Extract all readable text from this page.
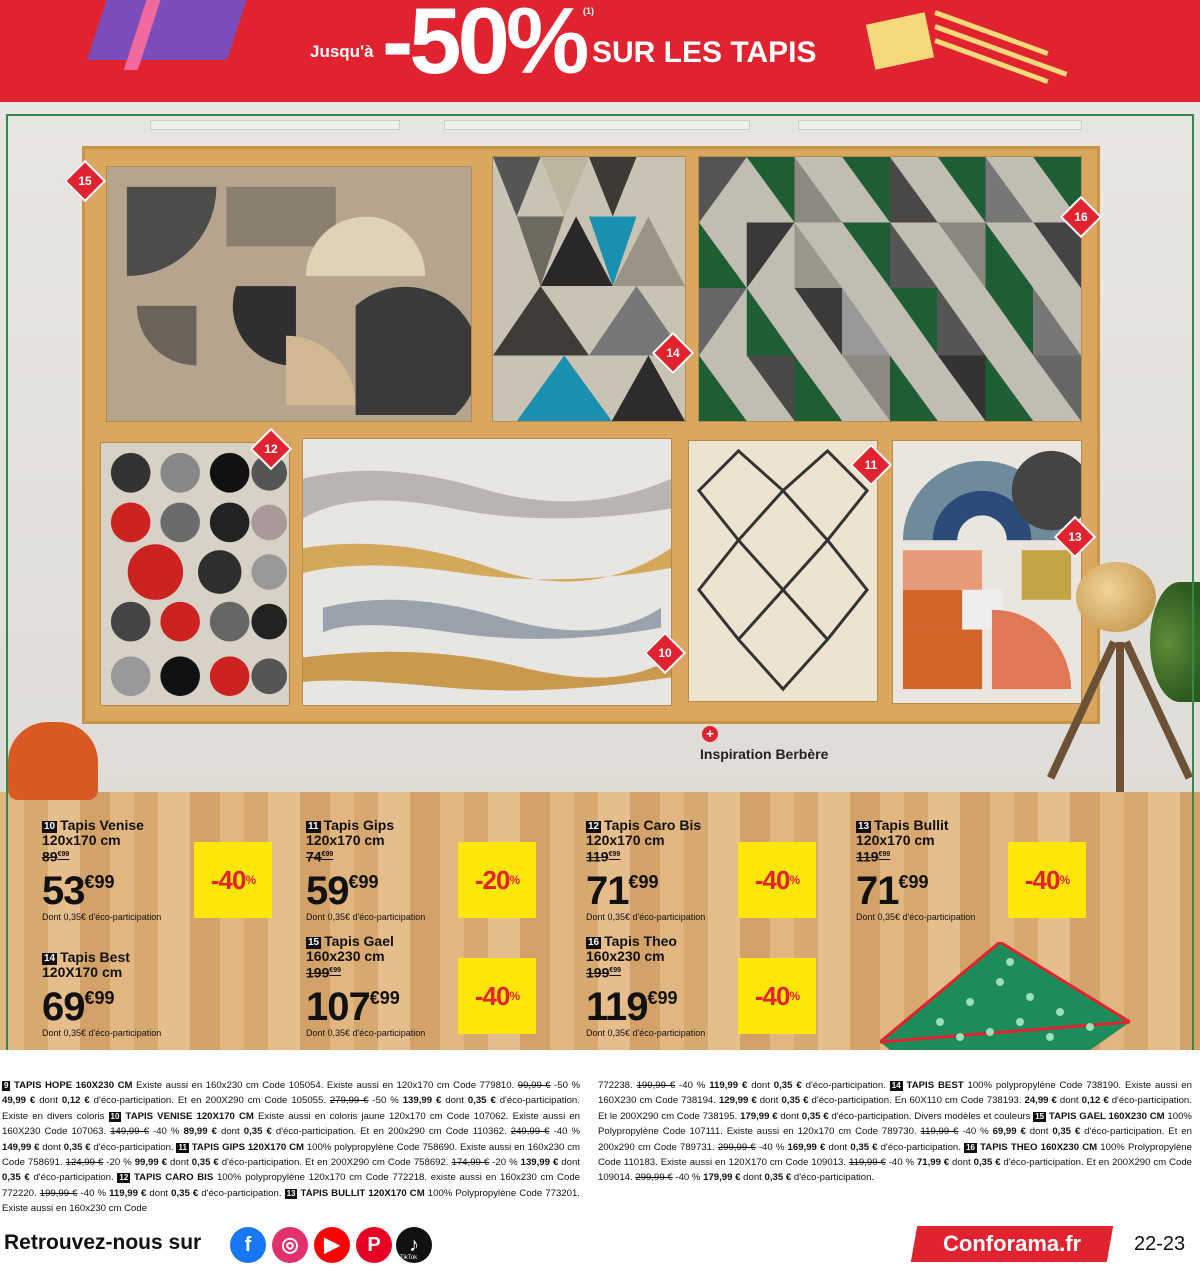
Jusqu'à -50%
(1)
SUR LES TAPIS
15
16
14
12
11
13
10
+
Inspiration Berbère
10 Tapis Venise
120x170 cm
$89^{€99}$
$53^{€99}$
Dont 0,35€ d'éco-participation
-40 %
11 Tapis Gips
120x170 cm
$74^{€99}$
$59^{€99}$
Dont 0,35€ d'éco-participation
-20 %
12 Tapis Caro Bis
120x170 cm
$119^{€99}$
$71^{€99}$
Dont 0,35€ d'éco-participation
-40 %
13 Tapis Bullit
120x170 cm
$119^{€99}$
$71^{€99}$
Dont 0,35€ d'éco-participation
-40 %
14 Tapis Best
120X170 cm
$69^{€99}$
Dont 0,35€ d'éco-participation
15 Tapis Gael
160x230 cm
$199^{€99}$
$107^{€99}$
Dont 0,35€ d'éco-participation
-40 %
16 Tapis Theo
160x230 cm
$199^{€99}$
$119^{€99}$
Dont 0,35€ d'éco-participation
-40 %
9 TAPIS HOPE 160X230 CM Existe aussi en 160x230 cm Code 105054. Existe aussi en 120x170 cm Code 779810. 99,99 € -50 % 49,99 € dont 0,12 € d'éco-participation. Et en 200X290 cm Code 105055. 279,99 € -50 % 139,99 € dont 0,35 € d'éco-participation. Existe en divers coloris 10 TAPIS VENISE 120X170 CM Existe aussi en coloris jaune 120x170 cm Code 107062. Existe aussi en 160X230 Code 107063. 149,99 € -40 % 89,99 € dont 0,35 € d'éco-participation. Et en 200x290 cm Code 110362. 249,99 € -40 % 149,99 € dont 0,35 € d'éco-participation. 11 TAPIS GIPS 120X170 CM 100% polypropylène Code 758690. Existe aussi en 160x230 cm Code 758691. 124,99 € -20 % 99,99 € dont 0,35 € d'éco-participation. Et en 200X290 cm Code 758692. 174,99 € -20 % 139,99 € dont 0,35 € d'éco-participation. 12 TAPIS CARO BIS 100% polypropylène 120x170 cm Code 772218. existe aussi en 160x230 cm Code 772220. 199,99 € -40 % 119,99 € dont 0,35 € d'éco-participation. 13 TAPIS BULLIT 120X170 CM 100% Polypropylène Code 773201. Existe aussi en 160x230 cm Code
772238. 199,99 € -40 % 119,99 € dont 0,35 € d'éco-participation. 14 TAPIS BEST 100% polypropylène Code 738190. Existe aussi en 160X230 cm Code 738194. 129,99 € dont 0,35 € d'éco-participation. En 60X110 cm Code 738193. 24,99 € dont 0,12 € d'éco-participation. Et le 200X290 cm Code 738195. 179,99 € dont 0,35 € d'éco-participation. Divers modèles et couleurs 15 TAPIS GAEL 160X230 CM 100% Polypropylène Code 107111. Existe aussi en 120x170 cm Code 789730. 119,99 € -40 % 69,99 € dont 0,35 € d'éco-participation. Et en 200x290 cm Code 789731. 299,99 € -40 % 169,99 € dont 0,35 € d'éco-participation. 16 TAPIS THEO 160X230 CM 100% Prolypropylène Code 110183. Existe aussi en 120X170 cm Code 109013. 119,99 € -40 % 71,99 € dont 0,35 € d'éco-participation. Et en 200X290 cm Code 109014. 299,99 € -40 % 179,99 € dont 0,35 € d'éco-participation.
Retrouvez-nous sur	f	◎	▶	P	♪
TikTok
Conforama.fr	22-23
